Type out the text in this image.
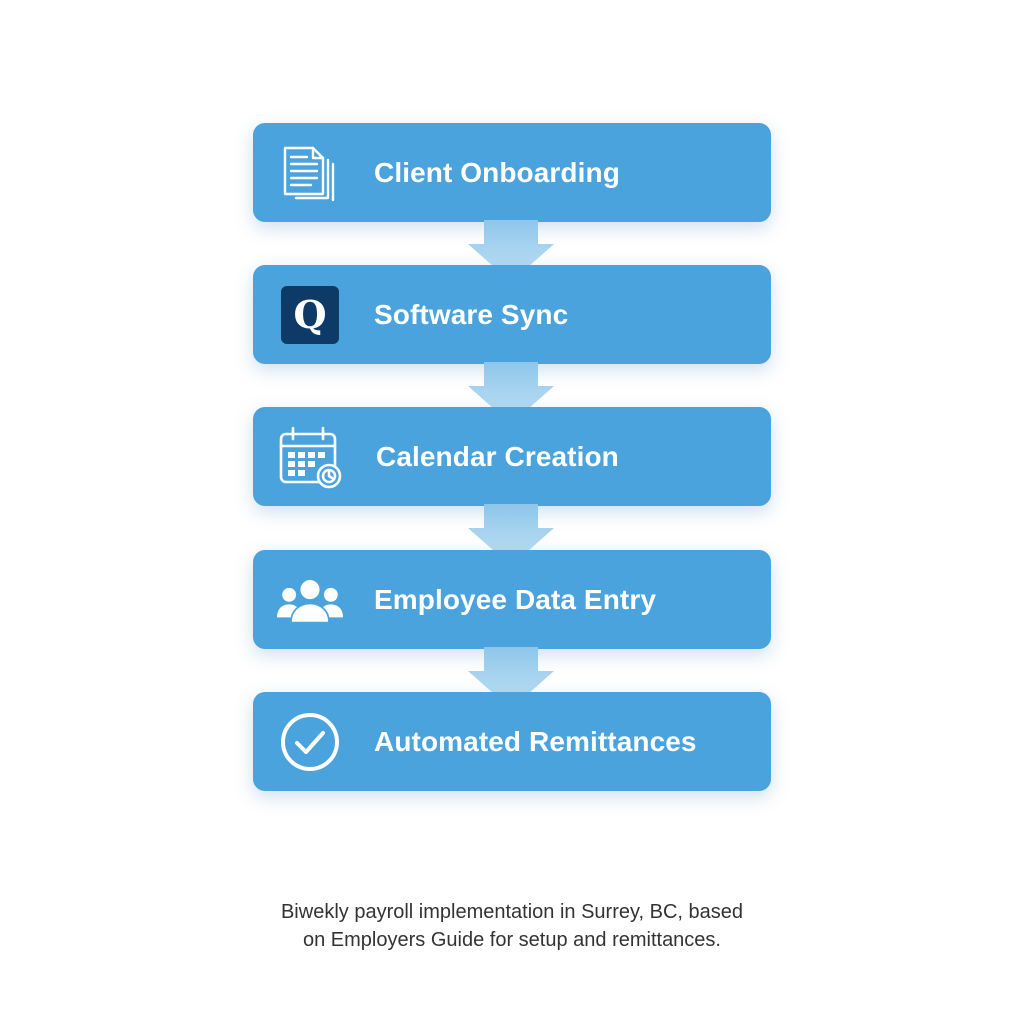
Client Onboarding
Q Software Sync
Calendar Creation
Employee Data Entry
Automated Remittances
Biwekly payroll implementation in Surrey, BC, based
on Employers Guide for setup and remittances.
